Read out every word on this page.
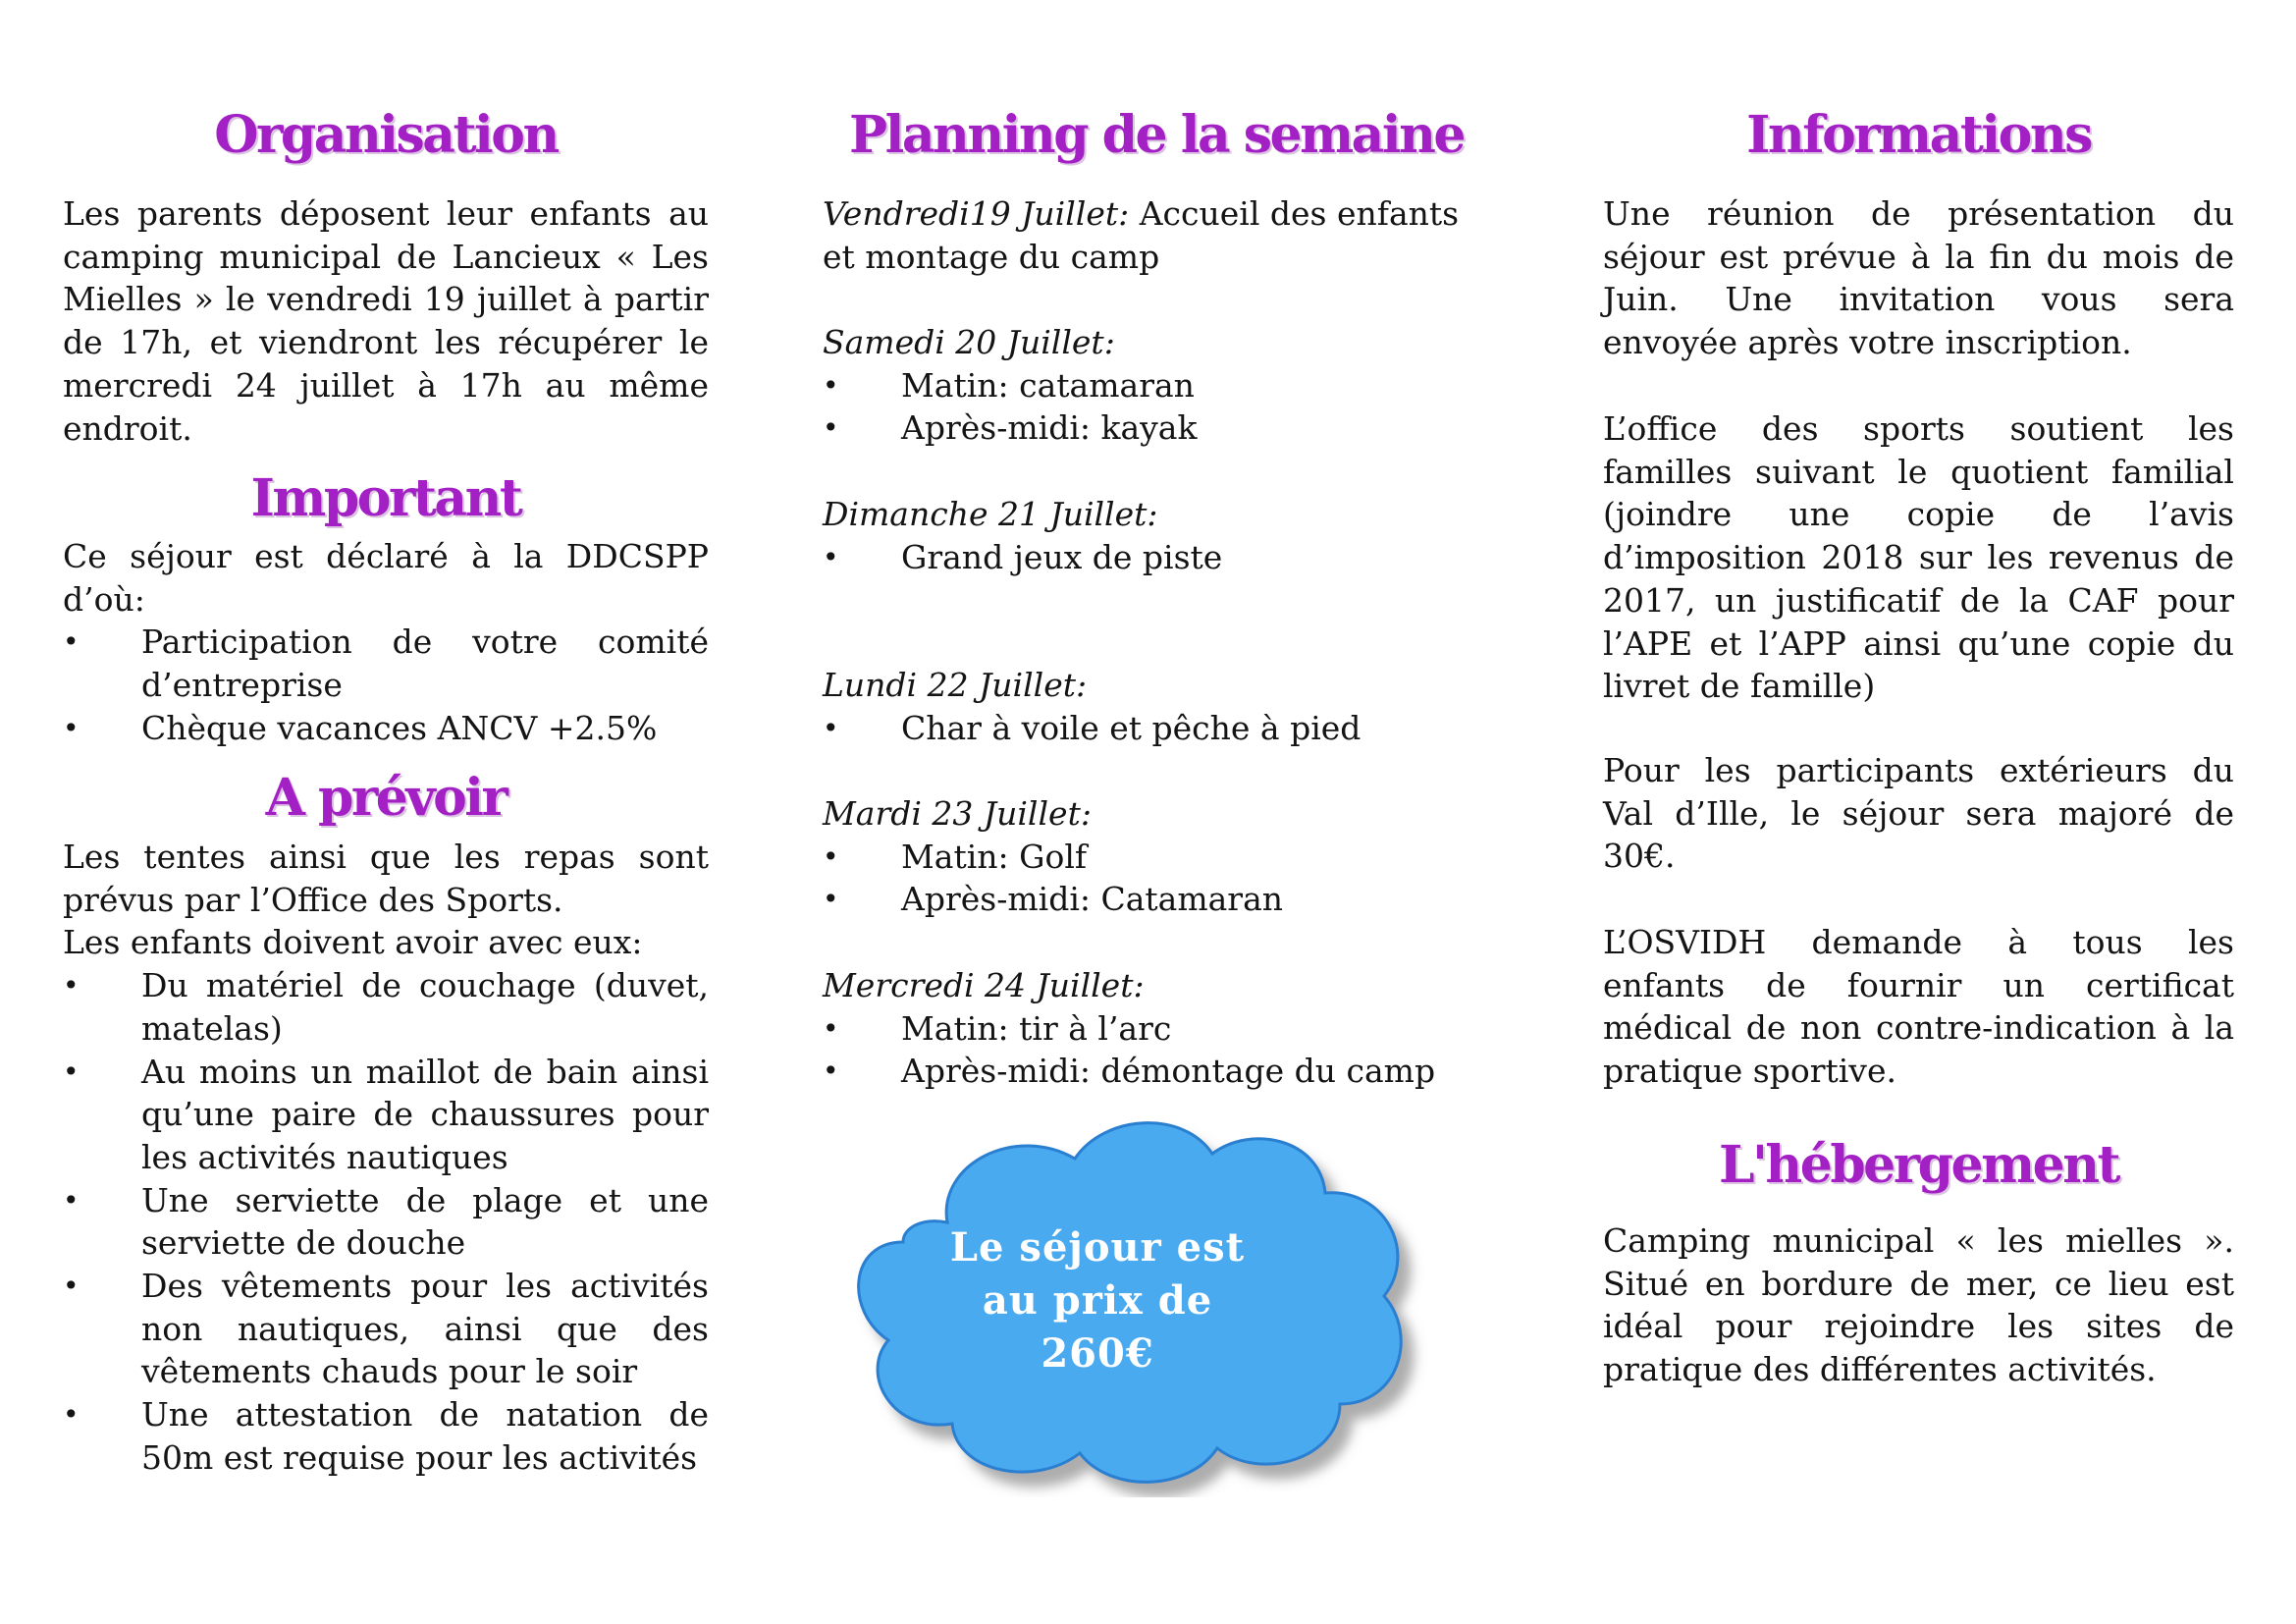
Organisation
Les parents déposent leur enfants au
camping municipal de Lancieux « Les
Mielles » le vendredi 19 juillet à partir
de 17h, et viendront les récupérer le
mercredi 24 juillet à 17h au même
endroit.
Important
Ce séjour est déclaré à la DDCSPP
d’où:
• Participation de votre comité
d’entreprise
• Chèque vacances ANCV +2.5%
A prévoir
Les tentes ainsi que les repas sont
prévus par l’Office des Sports.
Les enfants doivent avoir avec eux:
• Du matériel de couchage (duvet,
matelas)
• Au moins un maillot de bain ainsi
qu’une paire de chaussures pour
les activités nautiques
• Une serviette de plage et une
serviette de douche
• Des vêtements pour les activités
non nautiques, ainsi que des
vêtements chauds pour le soir
• Une attestation de natation de
50m est requise pour les activités
Planning de la semaine
Vendredi19 Juillet: Accueil des enfants
et montage du camp
Samedi 20 Juillet:
• Matin: catamaran
• Après-midi: kayak
Dimanche 21 Juillet:
• Grand jeux de piste
Lundi 22 Juillet:
• Char à voile et pêche à pied
Mardi 23 Juillet:
• Matin: Golf
• Après-midi: Catamaran
Mercredi 24 Juillet:
• Matin: tir à l’arc
• Après-midi: démontage du camp
Le séjour est
au prix de
260€
Informations
Une réunion de présentation du
séjour est prévue à la fin du mois de
Juin. Une invitation vous sera
envoyée après votre inscription.
L’office des sports soutient les
familles suivant le quotient familial
(joindre une copie de l’avis
d’imposition 2018 sur les revenus de
2017, un justificatif de la CAF pour
l’APE et l’APP ainsi qu’une copie du
livret de famille)
Pour les participants extérieurs du
Val d’Ille, le séjour sera majoré de
30€.
L’OSVIDH demande à tous les
enfants de fournir un certificat
médical de non contre-indication à la
pratique sportive.
L'hébergement
Camping municipal « les mielles ».
Situé en bordure de mer, ce lieu est
idéal pour rejoindre les sites de
pratique des différentes activités.
